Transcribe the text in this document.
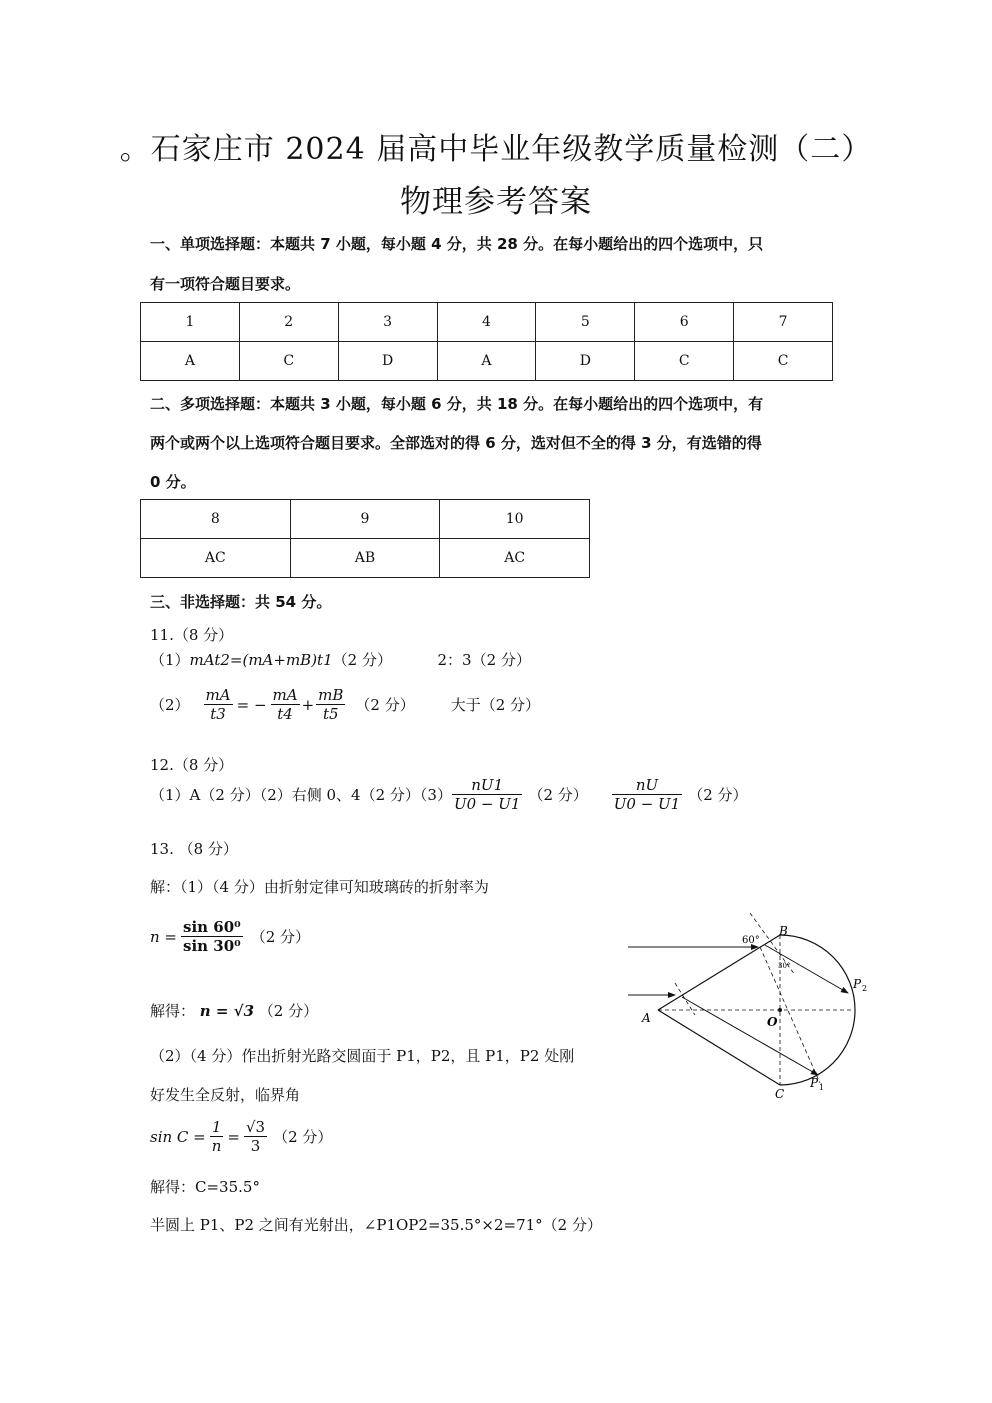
。石家庄市 2024 届高中毕业年级教学质量检测（二）
物理参考答案
一、单项选择题：本题共 7 小题，每小题 4 分，共 28 分。在每小题给出的四个选项中，只
有一项符合题目要求。
1	2	3	4	5	6	7
A	C	D	A	D	C	C
二、多项选择题：本题共 3 小题，每小题 6 分，共 18 分。在每小题给出的四个选项中，有
两个或两个以上选项符合题目要求。全部选对的得 6 分，选对但不全的得 3 分，有选错的得
0 分。
8	9	10
AC	AB	AC
三、非选择题：共 54 分。
11.（8 分）
（1）mAt2=(mA+mB)t1（2 分）	2：3（2 分）
$(2) \frac{mA}{t3}$ = − $\frac{mA}{t4} + \frac{mB}{t5} (2$ 分） 大于（2 分）
12.（8 分）
（1）A（2 分）（2）右侧 0、4（2 分）$(3) \frac{nU1}{U0 - U1} (2$ 分） $\frac{nU}{U0 - U1} (2$ 分）
13. （8 分）
解：（1）（4 分）由折射定律可知玻璃砖的折射率为
$n = \frac{\text{sin 60⁰}}{\text{sin 30⁰}} (2$ 分）
解得： n = √3 （2 分）
（2）（4 分）作出折射光路交圆面于 P1，P2，且 P1，P2 处刚
好发生全反射，临界角
$\sin C = \frac{1}{n} = \frac{√3}{3} (2$ 分）
解得：C=35.5°
半圆上 P1、P2 之间有光射出，∠P1OP2=35.5°×2=71°（2 分）
A
B
C
O
P 2
P 1
60°
30°
